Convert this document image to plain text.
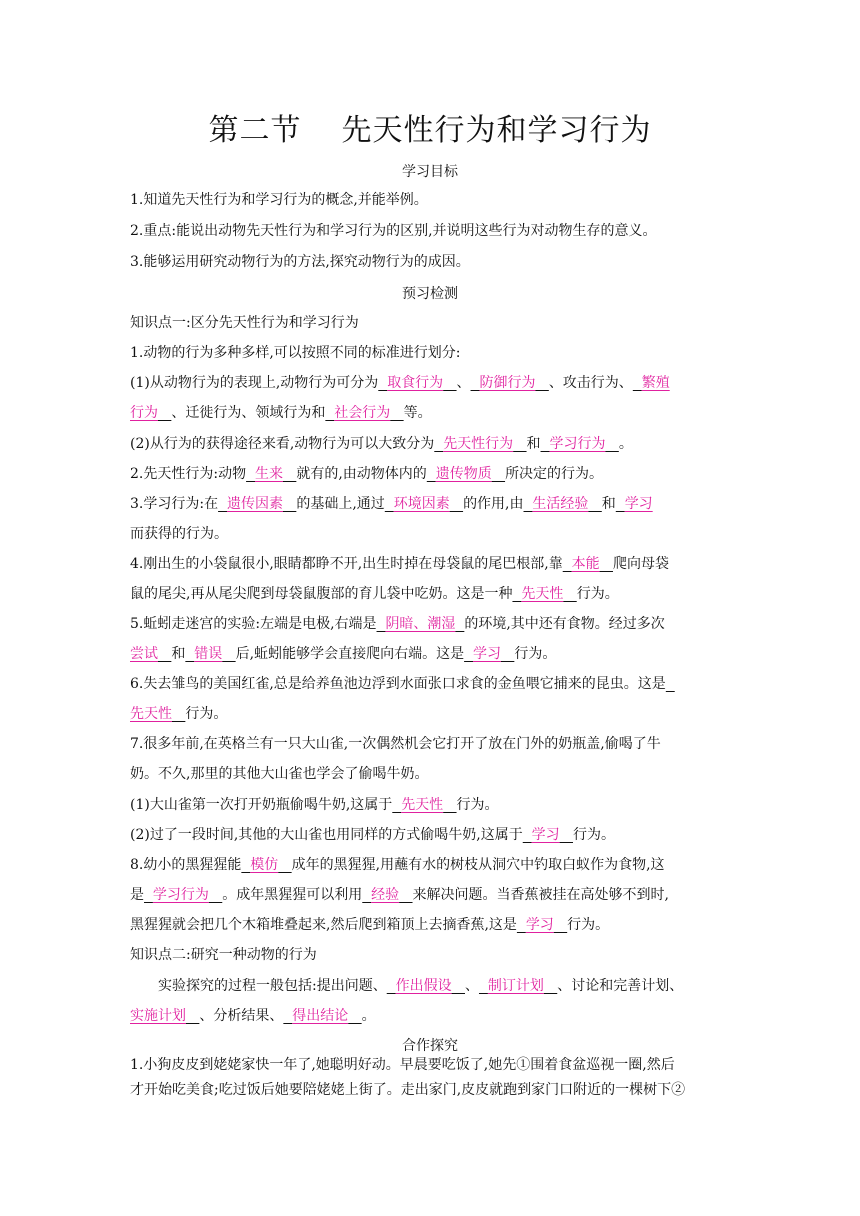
第二节 先天性行为和学习行为
学习目标
1.知道先天性行为和学习行为的概念,并能举例。
2.重点:能说出动物先天性行为和学习行为的区别,并说明这些行为对动物生存的意义。
3.能够运用研究动物行为的方法,探究动物行为的成因。
预习检测
知识点一:区分先天性行为和学习行为
1.动物的行为多种多样,可以按照不同的标准进行划分:
(1)从动物行为的表现上,动物行为可分为 取食行为 、 防御行为 、攻击行为、 繁殖
行为 、迁徙行为、领域行为和 社会行为 等。
(2)从行为的获得途径来看,动物行为可以大致分为 先天性行为 和 学习行为 。
2.先天性行为:动物 生来 就有的,由动物体内的 遗传物质 所决定的行为。
3.学习行为:在 遗传因素 的基础上,通过 环境因素 的作用,由 生活经验 和 学习
而获得的行为。
4.刚出生的小袋鼠很小,眼睛都睁不开,出生时掉在母袋鼠的尾巴根部,靠 本能 爬向母袋
鼠的尾尖,再从尾尖爬到母袋鼠腹部的育儿袋中吃奶。这是一种 先天性 行为。
5.蚯蚓走迷宫的实验:左端是电极,右端是 阴暗、潮湿 的环境,其中还有食物。经过多次
尝试 和 错误 后,蚯蚓能够学会直接爬向右端。这是 学习 行为。
6.失去雏鸟的美国红雀,总是给养鱼池边浮到水面张口求食的金鱼喂它捕来的昆虫。这是
先天性 行为。
7.很多年前,在英格兰有一只大山雀,一次偶然机会它打开了放在门外的奶瓶盖,偷喝了牛
奶。不久,那里的其他大山雀也学会了偷喝牛奶。
(1)大山雀第一次打开奶瓶偷喝牛奶,这属于 先天性 行为。
(2)过了一段时间,其他的大山雀也用同样的方式偷喝牛奶,这属于 学习 行为。
8.幼小的黑猩猩能 模仿 成年的黑猩猩,用蘸有水的树枝从洞穴中钓取白蚁作为食物,这
是 学习行为 。成年黑猩猩可以利用 经验 来解决问题。当香蕉被挂在高处够不到时,
黑猩猩就会把几个木箱堆叠起来,然后爬到箱顶上去摘香蕉,这是 学习 行为。
知识点二:研究一种动物的行为
实验探究的过程一般包括:提出问题、 作出假设 、 制订计划 、讨论和完善计划、
实施计划 、分析结果、 得出结论 。
合作探究
1.小狗皮皮到姥姥家快一年了,她聪明好动。早晨要吃饭了,她先①围着食盆巡视一圈,然后
才开始吃美食;吃过饭后她要陪姥姥上街了。走出家门,皮皮就跑到家门口附近的一棵树下②
